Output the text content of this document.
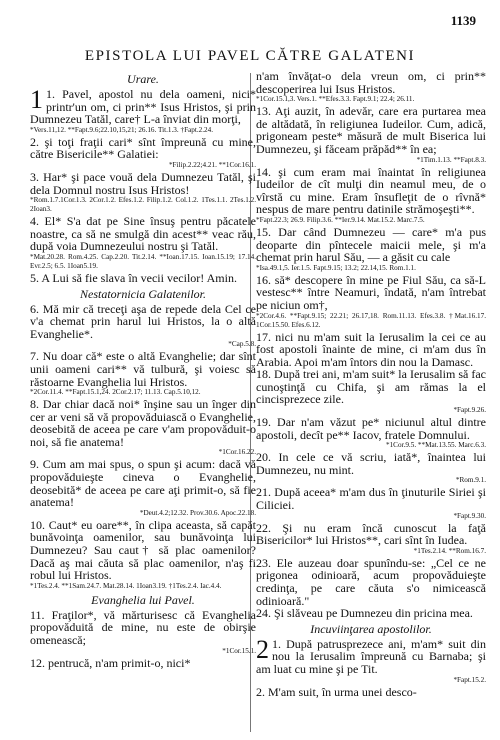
1139
EPISTOLA LUI PAVEL CĂTRE GALATENI
Urare.

1 1. Pavel, apostol nu dela oameni, nici* printr'un om, ci prin** Isus Hristos, şi prin Dumnezeu Tatăl, care† L-a înviat din morţi,

*Vers.11,12. **Fapt.9.6;22.10,15,21; 26.16. Tit.1.3. †Fapt.2.24.

2. şi toţi fraţii cari* sînt împreună cu mine, către Bisericile** Galatiei:

*Filip.2.22;4.21. **1Cor.16.1.

3. Har* şi pace vouă dela Dumnezeu Tatăl, şi dela Domnul nostru Isus Hristos!

*Rom.1.7.1Cor.1.3. 2Cor.1.2. Efes.1.2. Filip.1.2. Col.1.2. 1Tes.1.1. 2Tes.1.2. 2Ioan3.

4. El* S'a dat pe Sine însuş pentru păcatele noastre, ca să ne smulgă din acest** veac rău, după voia Dumnezeului nostru şi Tatăl.

*Mat.20.28. Rom.4.25. Cap.2.20. Tit.2.14. **Ioan.17.15. Ioan.15.19; 17.14. Evr.2.5; 6.5. 1Ioan5.19.

5. A Lui să fie slava în vecii vecilor! Amin.

Nestatornicia Galatenilor.

6. Mă mir că treceţi aşa de repede dela Cel ce v'a chemat prin harul lui Hristos, la o altă Evanghelie*.

*Cap.5.8.

7. Nu doar că* este o altă Evanghelie; dar sînt unii oameni cari** vă tulbură, şi voiesc să răstoarne Evanghelia lui Hristos.

*2Cor.11.4. **Fapt.15.1,24. 2Cor.2.17; 11.13. Cap.5.10,12.

8. Dar chiar dacă noi* înşine sau un înger din cer ar veni să vă propovăduiască o Evanghelie, deosebită de aceea pe care v'am propovăduit-o noi, să fie anatema!

*1Cor.16.22.

9. Cum am mai spus, o spun şi acum: dacă vă propovăduieşte cineva o Evanghelie, deosebită* de aceea pe care aţi primit-o, să fie anatema!

*Deut.4.2;12.32. Prov.30.6. Apoc.22.18.

10. Caut* eu oare**, în clipa aceasta, să capăt bunăvoinţa oamenilor, sau bunăvoinţa lui Dumnezeu? Sau caut† să plac oamenilor? Dacă aş mai căuta să plac oamenilor, n'aş fi robul lui Hristos.

*1Tes.2.4. **1Sam.24.7. Mat.28.14. 1Ioan3.19. †1Tes.2.4. Iac.4.4.

Evanghelia lui Pavel.

11. Fraţilor*, vă mărturisesc că Evanghelia propovăduită de mine, nu este de obirşie omenească;

*1Cor.15.1.

12. pentrucă, n'am primit-o, nici*

n'am învăţat-o dela vreun om, ci prin** descoperirea lui Isus Hristos.

*1Cor.15.1,3. Vers.1. **Efes.3.3. Fapt.9.1; 22.4; 26.11.

13. Aţi auzit, în adevăr, care era purtarea mea de altădată, în religiunea Iudeilor. Cum, adică, prigoneam peste* măsură de mult Biserica lui Dumnezeu, şi făceam prăpăd** în ea;

*1Tim.1.13. **Fapt.8.3.

14. şi cum eram mai înaintat în religiunea Iudeilor de cît mulţi din neamul meu, de o vîrstă cu mine. Eram însufleţit de o rîvnă* nespus de mare pentru datinile strămoşeşti**.

*Fapt.22.3; 26.9. Filip.3.6. **Ier.9.14. Mat.15.2. Marc.7.5.

15. Dar când Dumnezeu — care* m'a pus deoparte din pîntecele maicii mele, şi m'a chemat prin harul Său, — a găsit cu cale

*Isa.49.1,5. Ier.1.5. Fapt.9.15; 13.2; 22.14,15. Rom.1.1.

16. să* descopere în mine pe Fiul Său, ca să-L vestesc** între Neamuri, îndată, n'am întrebat pe niciun om†,

*2Cor.4.6. **Fapt.9.15; 22.21; 26.17,18. Rom.11.13. Efes.3.8. †Mat.16.17. 1Cor.15.50. Efes.6.12.

17. nici nu m'am suit la Ierusalim la cei ce au fost apostoli înainte de mine, ci m'am dus în Arabia. Apoi m'am întors din nou la Damasc.

18. După trei ani, m'am suit* la Ierusalim să fac cunoştinţă cu Chifa, şi am rămas la el cincisprezece zile.

*Fapt.9.26.

19. Dar n'am văzut pe* niciunul altul dintre apostoli, decît pe** Iacov, fratele Domnului.

*1Cor.9.5. **Mat.13.55. Marc.6.3.

20. In cele ce vă scriu, iată*, înaintea lui Dumnezeu, nu mint.

*Rom.9.1.

21. După aceea* m'am dus în ţinuturile Siriei şi Ciliciei.

*Fapt.9.30.

22. Şi nu eram încă cunoscut la faţă Bisericilor* lui Hristos**, cari sînt în Iudea.

*1Tes.2.14. **Rom.16.7.

23. Ele auzeau doar spunîndu-se: „Cel ce ne prigonea odinioară, acum propovăduieşte credinţa, pe care căuta s'o nimicească odinioară."

24. Şi slăveau pe Dumnezeu din pricina mea.

Incuviinţarea apostolilor.

2 1. După patrusprezece ani, m'am* suit din nou la Ierusalim împreună cu Barnaba; şi am luat cu mine şi pe Tit.

*Fapt.15.2.

2. M'am suit, în urma unei desco-
